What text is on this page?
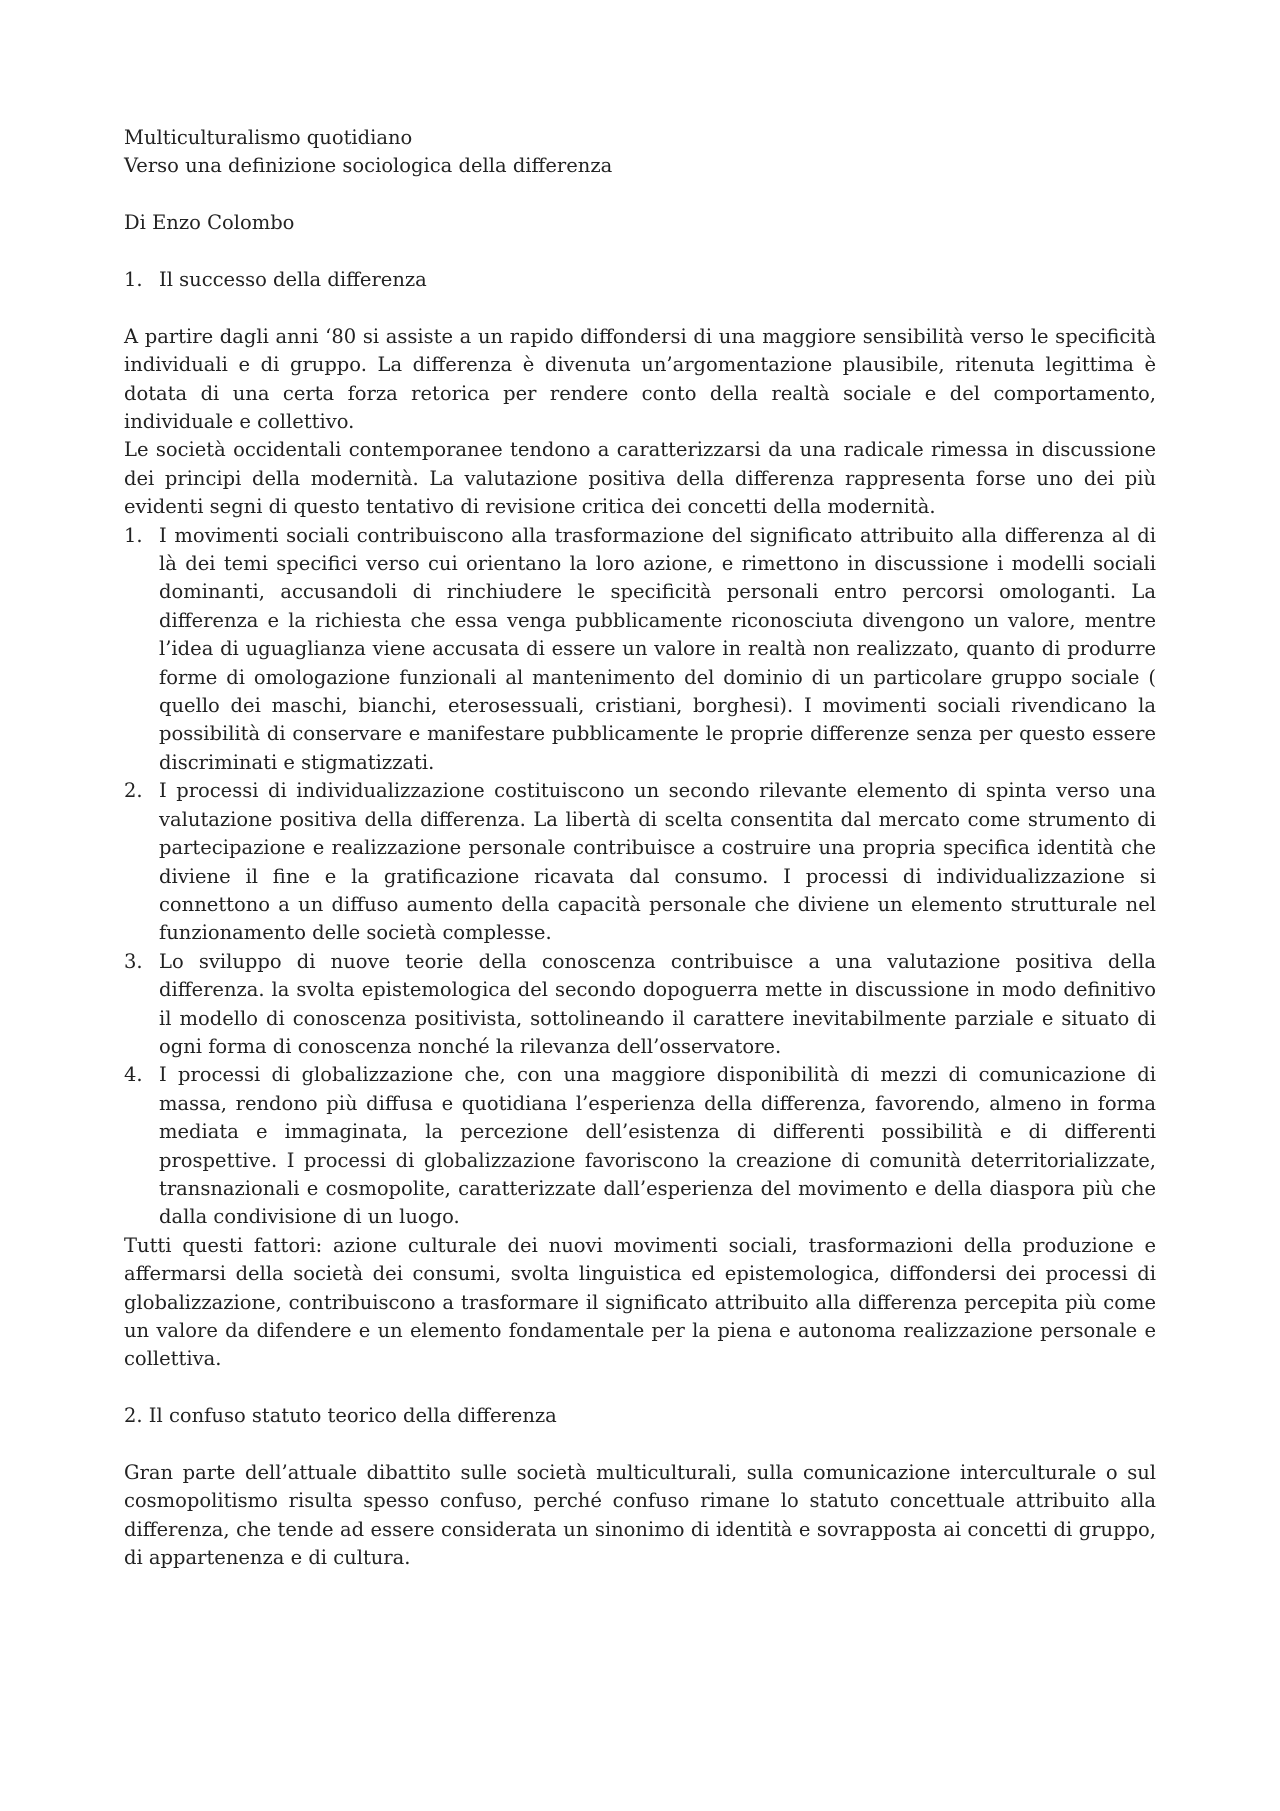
Multiculturalismo quotidiano

Verso una definizione sociologica della differenza

Di Enzo Colombo

1. Il successo della differenza

A partire dagli anni ‘80 si assiste a un rapido diffondersi di una maggiore sensibilità verso le specificità individuali e di gruppo. La differenza è divenuta un’argomentazione plausibile, ritenuta legittima è dotata di una certa forza retorica per rendere conto della realtà sociale e del comportamento, individuale e collettivo.

Le società occidentali contemporanee tendono a caratterizzarsi da una radicale rimessa in discussione dei principi della modernità. La valutazione positiva della differenza rappresenta forse uno dei più evidenti segni di questo tentativo di revisione critica dei concetti della modernità.

1. I movimenti sociali contribuiscono alla trasformazione del significato attribuito alla differenza al di là dei temi specifici verso cui orientano la loro azione, e rimettono in discussione i modelli sociali dominanti, accusandoli di rinchiudere le specificità personali entro percorsi omologanti. La differenza e la richiesta che essa venga pubblicamente riconosciuta divengono un valore, mentre l’idea di uguaglianza viene accusata di essere un valore in realtà non realizzato, quanto di produrre forme di omologazione funzionali al mantenimento del dominio di un particolare gruppo sociale ( quello dei maschi, bianchi, eterosessuali, cristiani, borghesi). I movimenti sociali rivendicano la possibilità di conservare e manifestare pubblicamente le proprie differenze senza per questo essere discriminati e stigmatizzati.
2. I processi di individualizzazione costituiscono un secondo rilevante elemento di spinta verso una valutazione positiva della differenza. La libertà di scelta consentita dal mercato come strumento di partecipazione e realizzazione personale contribuisce a costruire una propria specifica identità che diviene il fine e la gratificazione ricavata dal consumo. I processi di individualizzazione si connettono a un diffuso aumento della capacità personale che diviene un elemento strutturale nel funzionamento delle società complesse.
3. Lo sviluppo di nuove teorie della conoscenza contribuisce a una valutazione positiva della differenza. la svolta epistemologica del secondo dopoguerra mette in discussione in modo definitivo il modello di conoscenza positivista, sottolineando il carattere inevitabilmente parziale e situato di ogni forma di conoscenza nonché la rilevanza dell’osservatore.
4. I processi di globalizzazione che, con una maggiore disponibilità di mezzi di comunicazione di massa, rendono più diffusa e quotidiana l’esperienza della differenza, favorendo, almeno in forma mediata e immaginata, la percezione dell’esistenza di differenti possibilità e di differenti prospettive. I processi di globalizzazione favoriscono la creazione di comunità deterritorializzate, transnazionali e cosmopolite, caratterizzate dall’esperienza del movimento e della diaspora più che dalla condivisione di un luogo.

Tutti questi fattori: azione culturale dei nuovi movimenti sociali, trasformazioni della produzione e affermarsi della società dei consumi, svolta linguistica ed epistemologica, diffondersi dei processi di globalizzazione, contribuiscono a trasformare il significato attribuito alla differenza percepita più come un valore da difendere e un elemento fondamentale per la piena e autonoma realizzazione personale e collettiva.

2. Il confuso statuto teorico della differenza

Gran parte dell’attuale dibattito sulle società multiculturali, sulla comunicazione interculturale o sul cosmopolitismo risulta spesso confuso, perché confuso rimane lo statuto concettuale attribuito alla differenza, che tende ad essere considerata un sinonimo di identità e sovrapposta ai concetti di gruppo, di appartenenza e di cultura.
